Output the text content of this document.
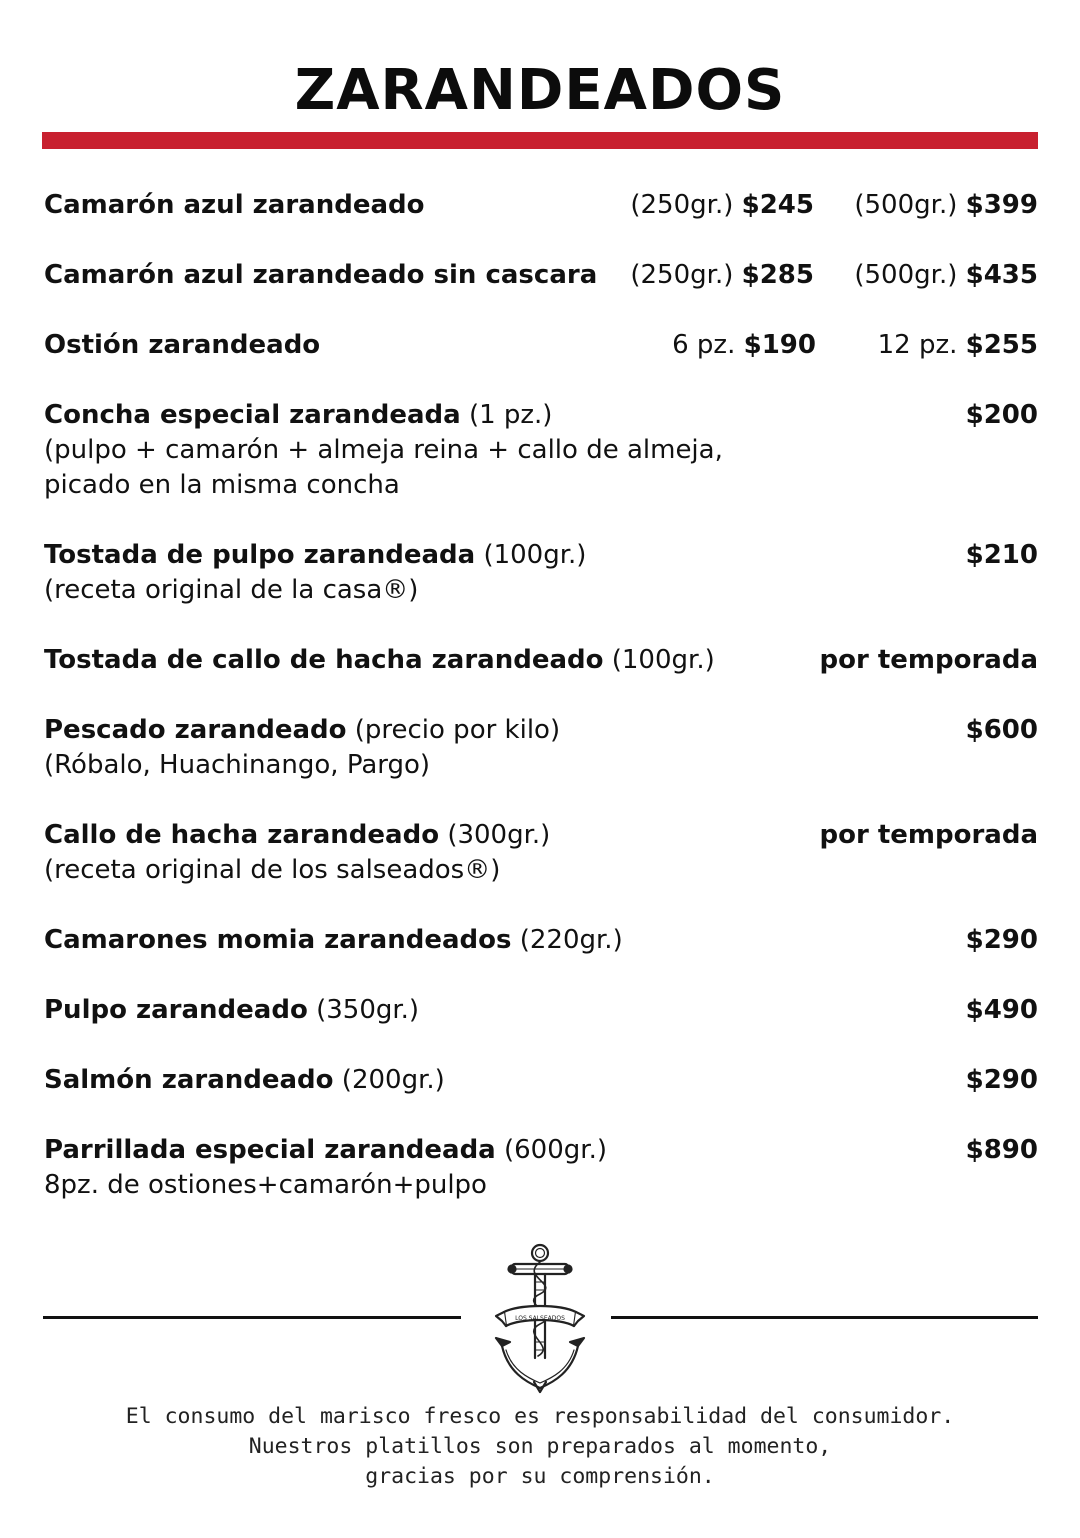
ZARANDEADOS
Camarón azul zarandeado	(250gr.) $245 (500gr.) $399
Camarón azul zarandeado sin cascara (250gr.) $285 (500gr.) $435
Ostión zarandeado	6 pz. $190 12 pz. $255
Concha especial zarandeada (1 pz.)	$200
(pulpo + camarón + almeja reina + callo de almeja,
picado en la misma concha
Tostada de pulpo zarandeada (100gr.)	$210
(receta original de la casa®)
Tostada de callo de hacha zarandeado (100gr.)	por temporada
Pescado zarandeado (precio por kilo)	$600
(Róbalo, Huachinango, Pargo)
Callo de hacha zarandeado (300gr.)	por temporada
(receta original de los salseados®)
Camarones momia zarandeados (220gr.)	$290
Pulpo zarandeado (350gr.)	$490
Salmón zarandeado (200gr.)	$290
Parrillada especial zarandeada (600gr.)	$890
8pz. de ostiones+camarón+pulpo
LOS SALSEADOS
El consumo del marisco fresco es responsabilidad del consumidor.
Nuestros platillos son preparados al momento,
gracias por su comprensión.
